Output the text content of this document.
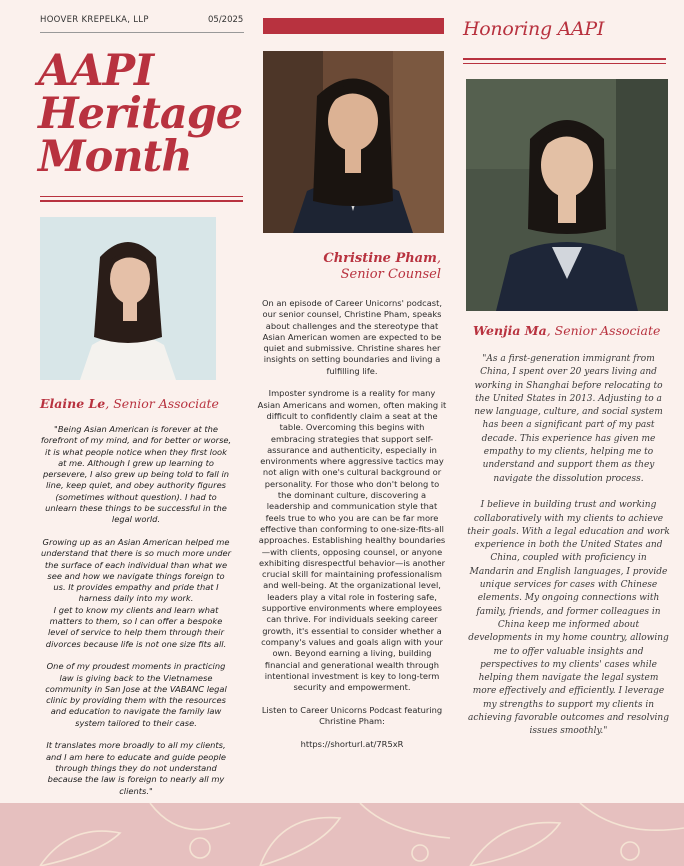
HOOVER KREPELKA, LLP	05/2025
AAPI
Heritage
Month
Honoring AAPI
Elaine Le, Senior Associate

"Being Asian American is forever at the forefront of my mind, and for better or worse, it is what people notice when they first look at me. Although I grew up learning to persevere, I also grew up being told to fall in line, keep quiet, and obey authority figures (sometimes without question). I had to unlearn these things to be successful in the legal world.

Growing up as an Asian American helped me understand that there is so much more under the surface of each individual than what we see and how we navigate things foreign to us. It provides empathy and pride that I harness daily into my work.

I get to know my clients and learn what matters to them, so I can offer a bespoke level of service to help them through their divorces because life is not one size fits all.

One of my proudest moments in practicing law is giving back to the Vietnamese community in San Jose at the VABANC legal clinic by providing them with the resources and education to navigate the family law system tailored to their case.

It translates more broadly to all my clients, and I am here to educate and guide people through things they do not understand because the law is foreign to nearly all my clients."

Christine Pham,
Senior Counsel

On an episode of Career Unicorns' podcast, our senior counsel, Christine Pham, speaks about challenges and the stereotype that Asian American women are expected to be quiet and submissive. Christine shares her insights on setting boundaries and living a fulfilling life.

Imposter syndrome is a reality for many Asian Americans and women, often making it difficult to confidently claim a seat at the table. Overcoming this begins with embracing strategies that support self-assurance and authenticity, especially in environments where aggressive tactics may not align with one's cultural background or personality. For those who don't belong to the dominant culture, discovering a leadership and communication style that feels true to who you are can be far more effective than conforming to one-size-fits-all approaches. Establishing healthy boundaries—with clients, opposing counsel, or anyone exhibiting disrespectful behavior—is another crucial skill for maintaining professionalism and well-being. At the organizational level, leaders play a vital role in fostering safe, supportive environments where employees can thrive. For individuals seeking career growth, it's essential to consider whether a company's values and goals align with your own. Beyond earning a living, building financial and generational wealth through intentional investment is key to long-term security and empowerment.

Listen to Career Unicorns Podcast featuring Christine Pham:

https://shorturl.at/7R5xR

Wenjia Ma, Senior Associate

"As a first-generation immigrant from China, I spent over 20 years living and working in Shanghai before relocating to the United States in 2013. Adjusting to a new language, culture, and social system has been a significant part of my past decade. This experience has given me empathy to my clients, helping me to understand and support them as they navigate the dissolution process.

I believe in building trust and working collaboratively with my clients to achieve their goals. With a legal education and work experience in both the United States and China, coupled with proficiency in Mandarin and English languages, I provide unique services for cases with Chinese elements. My ongoing connections with family, friends, and former colleagues in China keep me informed about developments in my home country, allowing me to offer valuable insights and perspectives to my clients' cases while helping them navigate the legal system more effectively and efficiently. I leverage my strengths to support my clients in achieving favorable outcomes and resolving issues smoothly."
